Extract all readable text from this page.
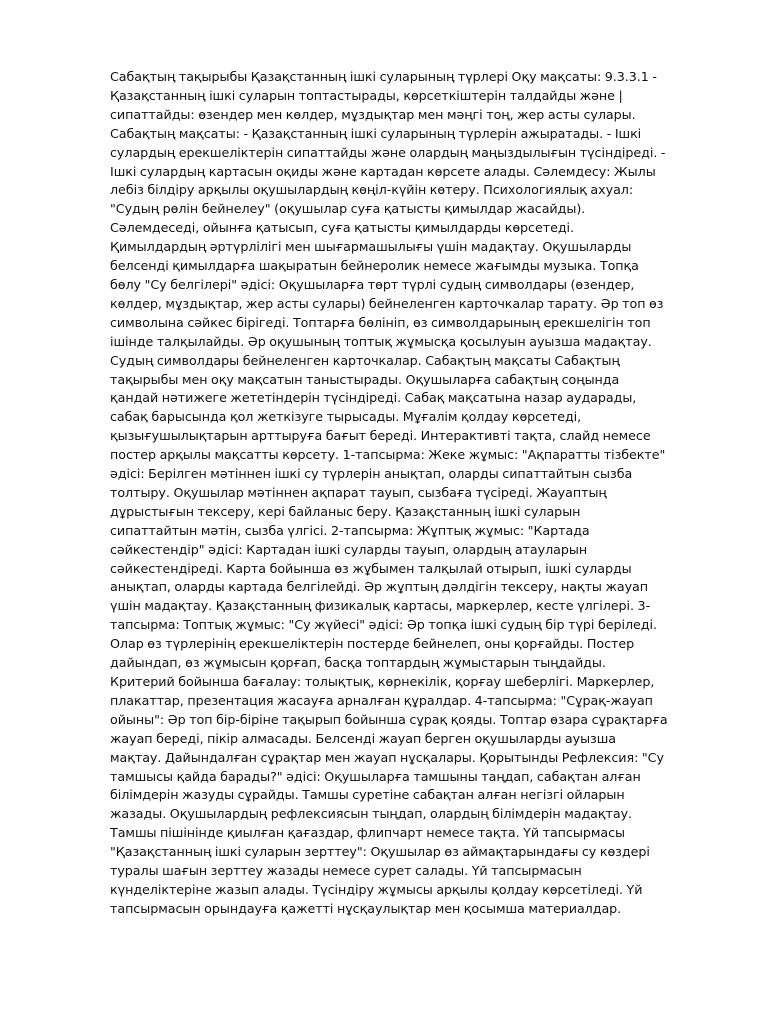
Сабақтың тақырыбы Қазақстанның ішкі суларының түрлері Оқу мақсаты: 9.3.3.1 - Қазақстанның ішкі суларын топтастырады, көрсеткіштерін талдайды және | сипаттайды: өзендер мен көлдер, мұздықтар мен мәңгі тоң, жер асты сулары. Сабақтың мақсаты: - Қазақстанның ішкі суларының түрлерін ажыратады. - Ішкі сулардың ерекшеліктерін сипаттайды және олардың маңыздылығын түсіндіреді. - Ішкі сулардың картасын оқиды және картадан көрсете алады. Сәлемдесу: Жылы лебіз білдіру арқылы оқушылардың көңіл-күйін көтеру. Психологиялық ахуал: "Судың рөлін бейнелеу" (оқушылар суға қатысты қимылдар жасайды). Сәлемдеседі, ойынға қатысып, суға қатысты қимылдарды көрсетеді. Қимылдардың әртүрлілігі мен шығармашылығы үшін мадақтау. Оқушыларды белсенді қимылдарға шақыратын бейнеролик немесе жағымды музыка. Топқа бөлу "Су белгілері" әдісі: Оқушыларға төрт түрлі судың символдары (өзендер, көлдер, мұздықтар, жер асты сулары) бейнеленген карточкалар тарату. Әр топ өз символына сәйкес бірігеді. Топтарға бөлініп, өз символдарының ерекшелігін топ ішінде талқылайды. Әр оқушының топтық жұмысқа қосылуын ауызша мадақтау. Судың символдары бейнеленген карточкалар. Сабақтың мақсаты Сабақтың тақырыбы мен оқу мақсатын таныстырады. Оқушыларға сабақтың соңында қандай нәтижеге жететіндерін түсіндіреді. Сабақ мақсатына назар аударады, сабақ барысында қол жеткізуге тырысады. Мұғалім қолдау көрсетеді, қызығушылықтарын арттыруға бағыт береді. Интерактивті тақта, слайд немесе постер арқылы мақсатты көрсету. 1-тапсырма: Жеке жұмыс: "Ақпаратты тізбекте" әдісі: Берілген мәтіннен ішкі су түрлерін анықтап, оларды сипаттайтын сызба толтыру. Оқушылар мәтіннен ақпарат тауып, сызбаға түсіреді. Жауаптың дұрыстығын тексеру, кері байланыс беру. Қазақстанның ішкі суларын сипаттайтын мәтін, сызба үлгісі. 2-тапсырма: Жұптық жұмыс: "Картада сәйкестендір" әдісі: Картадан ішкі суларды тауып, олардың атауларын сәйкестендіреді. Карта бойынша өз жұбымен талқылай отырып, ішкі суларды анықтап, оларды картада белгілейді. Әр жұптың дәлдігін тексеру, нақты жауап үшін мадақтау. Қазақстанның физикалық картасы, маркерлер, кесте үлгілері. 3-тапсырма: Топтық жұмыс: "Су жүйесі" әдісі: Әр топқа ішкі судың бір түрі беріледі. Олар өз түрлерінің ерекшеліктерін постерде бейнелеп, оны қорғайды. Постер дайындап, өз жұмысын қорғап, басқа топтардың жұмыстарын тыңдайды. Критерий бойынша бағалау: толықтық, көрнекілік, қорғау шеберлігі. Маркерлер, плакаттар, презентация жасауға арналған құралдар. 4-тапсырма: "Сұрақ-жауап ойыны": Әр топ бір-біріне тақырып бойынша сұрақ қояды. Топтар өзара сұрақтарға жауап береді, пікір алмасады. Белсенді жауап берген оқушыларды ауызша мақтау. Дайындалған сұрақтар мен жауап нұсқалары. Қорытынды Рефлексия: "Су тамшысы қайда барады?" әдісі: Оқушыларға тамшыны таңдап, сабақтан алған білімдерін жазуды сұрайды. Тамшы суретіне сабақтан алған негізгі ойларын жазады. Оқушылардың рефлексиясын тыңдап, олардың білімдерін мадақтау. Тамшы пішінінде қиылған қағаздар, флипчарт немесе тақта. Үй тапсырмасы "Қазақстанның ішкі суларын зерттеу": Оқушылар өз аймақтарындағы су көздері туралы шағын зерттеу жазады немесе сурет салады. Үй тапсырмасын күнделіктеріне жазып алады. Түсіндіру жұмысы арқылы қолдау көрсетіледі. Үй тапсырмасын орындауға қажетті нұсқаулықтар мен қосымша материалдар.
